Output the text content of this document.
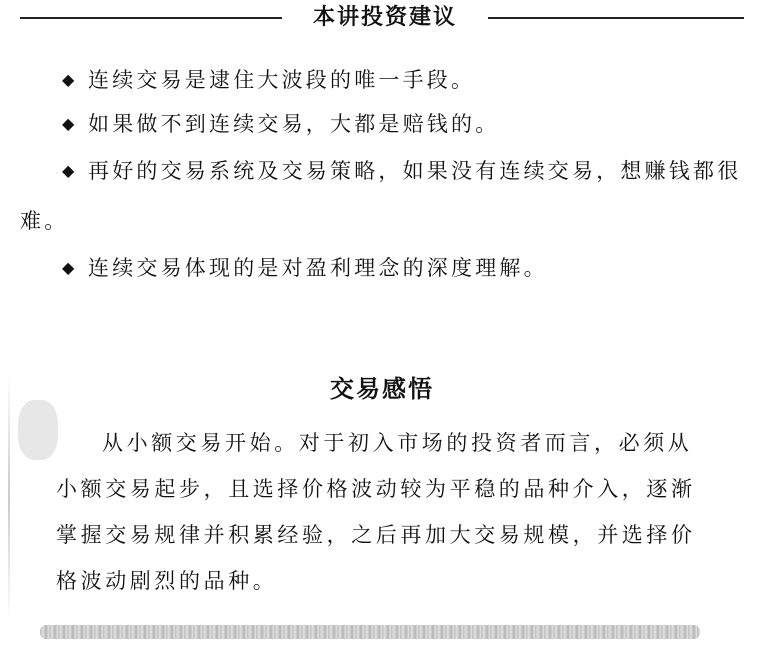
本讲投资建议
◆ 连续交易是逮住大波段的唯一手段。
◆ 如果做不到连续交易，大都是赔钱的。
◆ 再好的交易系统及交易策略，如果没有连续交易，想赚钱都很难。
◆ 连续交易体现的是对盈利理念的深度理解。
交易感悟
从小额交易开始。对于初入市场的投资者而言，必须从小额交易起步，且选择价格波动较为平稳的品种介入，逐渐掌握交易规律并积累经验，之后再加大交易规模，并选择价格波动剧烈的品种。
